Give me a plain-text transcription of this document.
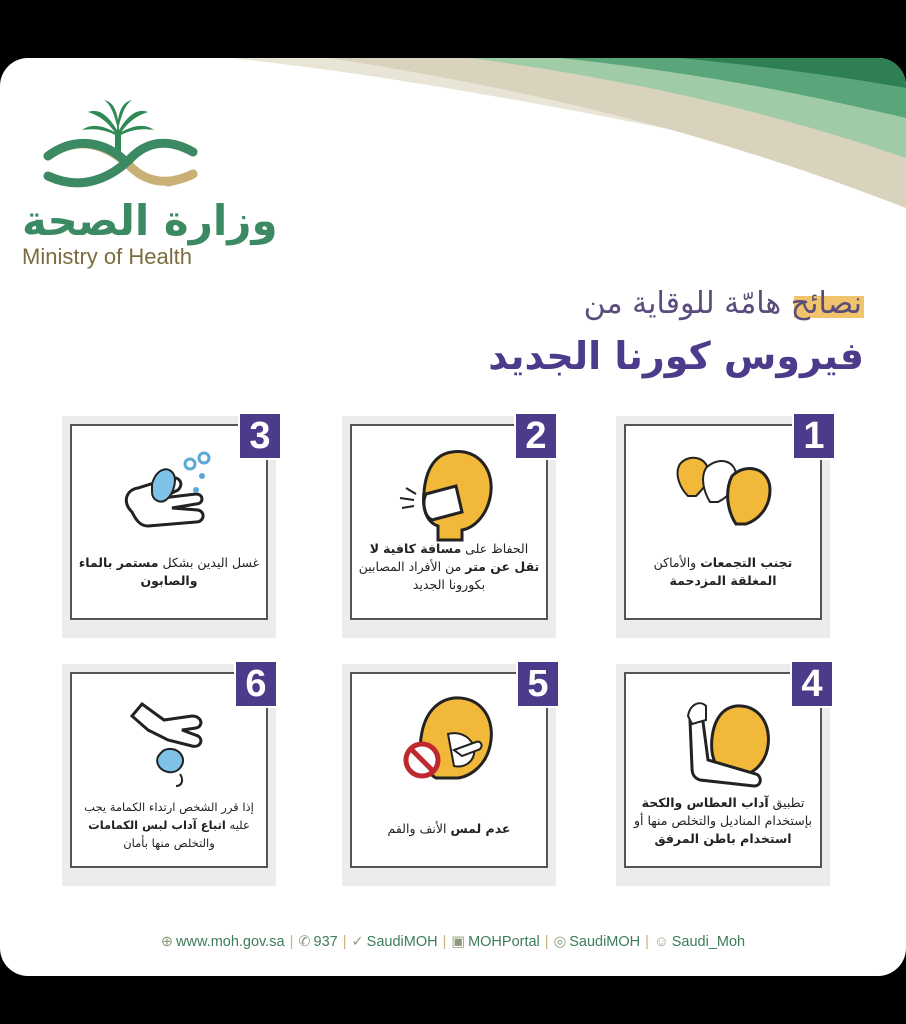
وزارة الصحة
Ministry of Health
نصائح هامّة للوقاية من
فيروس كورنا الجديد
غسل اليدين بشكل مستمر بالماء والصابون
3
الحفاظ على مسافة كافية لا تقل عن متر من الأفراد المصابين بكورونا الجديد
2
تجنب التجمعات والأماكن المغلقة المزدحمة
1
إذا قرر الشخص ارتداء الكمامة يجب عليه اتباع آداب لبس الكمامات والتخلص منها بأمان
6
عدم لمس الأنف والفم
5
تطبيق آداب العطاس والكحة بإستخدام المناديل والتخلص منها أو استخدام باطن المرفق
4
⊕ www.moh.gov.sa | ✆ 937 | ✓ SaudiMOH | ▣ MOHPortal | ◎ SaudiMOH | ☺ Saudi_Moh
